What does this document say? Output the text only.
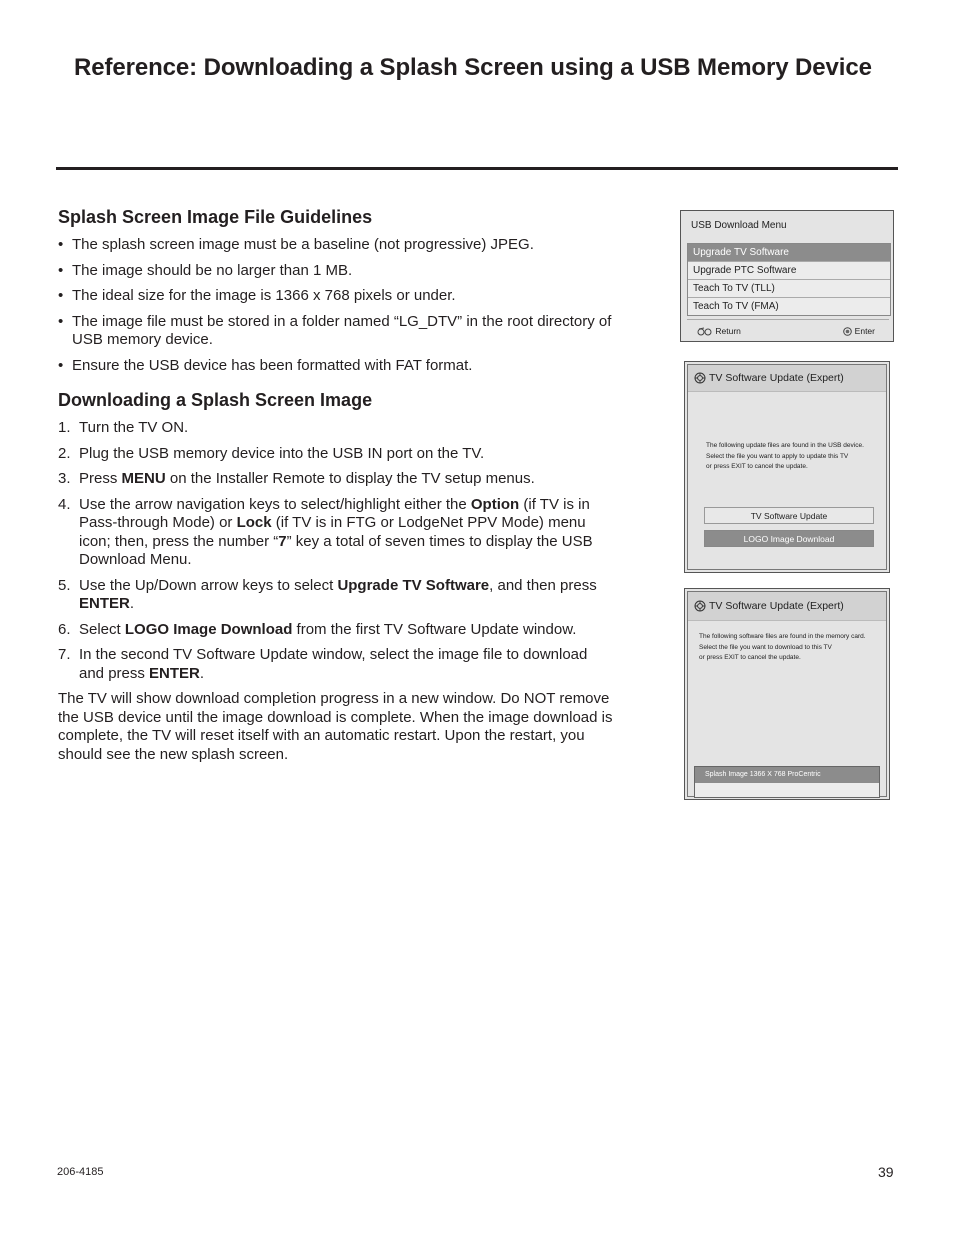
Reference: Downloading a Splash Screen using a USB Memory Device
Splash Screen Image File Guidelines
• The splash screen image must be a baseline (not progressive) JPEG.
• The image should be no larger than 1 MB.
• The ideal size for the image is 1366 x 768 pixels or under.
• The image file must be stored in a folder named “LG_DTV” in the root directory of USB memory device.
• Ensure the USB device has been formatted with FAT format.
Downloading a Splash Screen Image
1. Turn the TV ON.
2. Plug the USB memory device into the USB IN port on the TV.
3. Press MENU on the Installer Remote to display the TV setup menus.
4. Use the arrow navigation keys to select/highlight either the Option (if TV is in Pass-through Mode) or Lock (if TV is in FTG or LodgeNet PPV Mode) menu icon; then, press the number “7” key a total of seven times to display the USB Download Menu.
5. Use the Up/Down arrow keys to select Upgrade TV Software, and then press ENTER.
6. Select LOGO Image Download from the first TV Software Update window.
7. In the second TV Software Update window, select the image file to download and press ENTER.

The TV will show download completion progress in a new window. Do NOT remove the USB device until the image download is complete. When the image download is complete, the TV will reset itself with an automatic restart. Upon the restart, you should see the new splash screen.

USB Download Menu
Upgrade TV Software
Upgrade PTC Software
Teach To TV (TLL)
Teach To TV (FMA)
Return	Enter
TV Software Update (Expert)
The following update files are found in the USB device.
Select the file you want to apply to update this TV
or press EXIT to cancel the update.
TV Software Update
LOGO Image Download
TV Software Update (Expert)
The following software files are found in the memory card.
Select the file you want to download to this TV
or press EXIT to cancel the update.
Splash Image 1366 X 768 ProCentric
206-4185	39
